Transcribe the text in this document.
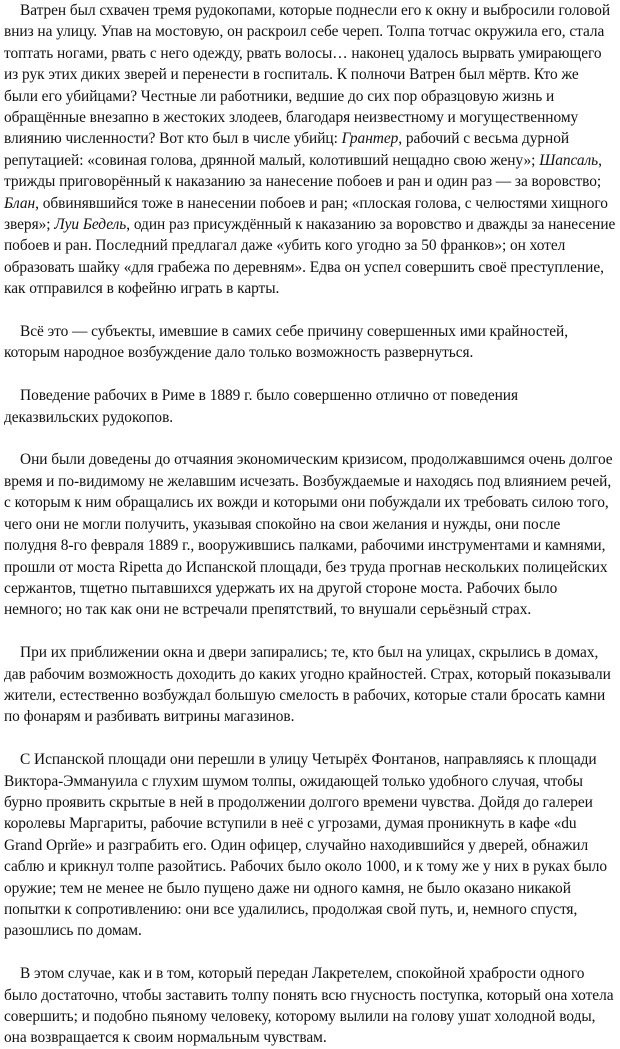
Ватрен был схвачен тремя рудокопами, которые поднесли его к окну и выбросили головой вниз на улицу. Упав на мостовую, он раскроил себе череп. Толпа тотчас окружила его, стала топтать ногами, рвать с него одежду, рвать волосы… наконец удалось вырвать умирающего из рук этих диких зверей и перенести в госпиталь. К полночи Ватрен был мёртв. Кто же были его убийцами? Честные ли работники, ведшие до сих пор образцовую жизнь и обращённые внезапно в жестоких злодеев, благодаря неизвестному и могущественному влиянию численности? Вот кто был в числе убийц: Грантер, рабочий с весьма дурной репутацией: «совиная голова, дрянной малый, колотивший нещадно свою жену»; Шапсаль, трижды приговорённый к наказанию за нанесение побоев и ран и один раз — за воровство; Блан, обвинявшийся тоже в нанесении побоев и ран; «плоская голова, с челюстями хищного зверя»; Луи Бедель, один раз присуждённый к наказанию за воровство и дважды за нанесение побоев и ран. Последний предлагал даже «убить кого угодно за 50 франков»; он хотел образовать шайку «для грабежа по деревням». Едва он успел совершить своё преступление, как отправился в кофейню играть в карты.

Всё это — субъекты, имевшие в самих себе причину совершенных ими крайностей, которым народное возбуждение дало только возможность развернуться.

Поведение рабочих в Риме в 1889 г. было совершенно отлично от поведения деказвильских рудокопов.

Они были доведены до отчаяния экономическим кризисом, продолжавшимся очень долгое время и по-видимому не желавшим исчезать. Возбуждаемые и находясь под влиянием речей, с которым к ним обращались их вожди и которыми они побуждали их требовать силою того, чего они не могли получить, указывая спокойно на свои желания и нужды, они после полудня 8-го февраля 1889 г., вооружившись палками, рабочими инструментами и камнями, прошли от моста Ripetta до Испанской площади, без труда прогнав нескольких полицейских сержантов, тщетно пытавшихся удержать их на другой стороне моста. Рабочих было немного; но так как они не встречали препятствий, то внушали серьёзный страх.

При их приближении окна и двери запирались; те, кто был на улицах, скрылись в домах, дав рабочим возможность доходить до каких угодно крайностей. Страх, который показывали жители, естественно возбуждал большую смелость в рабочих, которые стали бросать камни по фонарям и разбивать витрины магазинов.

С Испанской площади они перешли в улицу Четырёх Фонтанов, направляясь к площади Виктора-Эммануила с глухим шумом толпы, ожидающей только удобного случая, чтобы бурно проявить скрытые в ней в продолжении долгого времени чувства. Дойдя до галереи королевы Маргариты, рабочие вступили в неё с угрозами, думая проникнуть в кафе «du Grand Орrйе» и разграбить его. Один офицер, случайно находившийся у дверей, обнажил саблю и крикнул толпе разойтись. Рабочих было около 1000, и к тому же у них в руках было оружие; тем не менее не было пущено даже ни одного камня, не было оказано никакой попытки к сопротивлению: они все удалились, продолжая свой путь, и, немного спустя, разошлись по домам.

В этом случае, как и в том, который передан Лакретелем, спокойной храбрости одного было достаточно, чтобы заставить толпу понять всю гнусность поступка, который она хотела совершить; и подобно пьяному человеку, которому вылили на голову ушат холодной воды, она возвращается к своим нормальным чувствам.
